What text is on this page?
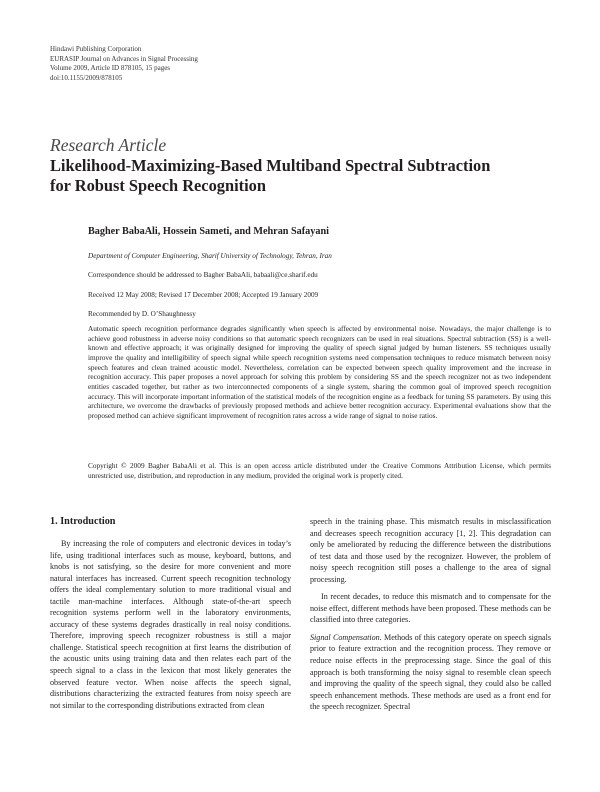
Hindawi Publishing Corporation
EURASIP Journal on Advances in Signal Processing
Volume 2009, Article ID 878105, 15 pages
doi:10.1155/2009/878105
Research Article
Likelihood-Maximizing-Based Multiband Spectral Subtraction
for Robust Speech Recognition
Bagher BabaAli, Hossein Sameti, and Mehran Safayani
Department of Computer Engineering, Sharif University of Technology, Tehran, Iran
Correspondence should be addressed to Bagher BabaAli, babaali@ce.sharif.edu
Received 12 May 2008; Revised 17 December 2008; Accepted 19 January 2009
Recommended by D. O’Shaughnessy

Automatic speech recognition performance degrades significantly when speech is affected by environmental noise. Nowadays, the major challenge is to achieve good robustness in adverse noisy conditions so that automatic speech recognizers can be used in real situations. Spectral subtraction (SS) is a well-known and effective approach; it was originally designed for improving the quality of speech signal judged by human listeners. SS techniques usually improve the quality and intelligibility of speech signal while speech recognition systems need compensation techniques to reduce mismatch between noisy speech features and clean trained acoustic model. Nevertheless, correlation can be expected between speech quality improvement and the increase in recognition accuracy. This paper proposes a novel approach for solving this problem by considering SS and the speech recognizer not as two independent entities cascaded together, but rather as two interconnected components of a single system, sharing the common goal of improved speech recognition accuracy. This will incorporate important information of the statistical models of the recognition engine as a feedback for tuning SS parameters. By using this architecture, we overcome the drawbacks of previously proposed methods and achieve better recognition accuracy. Experimental evaluations show that the proposed method can achieve significant improvement of recognition rates across a wide range of signal to noise ratios.

Copyright © 2009 Bagher BabaAli et al. This is an open access article distributed under the Creative Commons Attribution License, which permits unrestricted use, distribution, and reproduction in any medium, provided the original work is properly cited.

1. Introduction

By increasing the role of computers and electronic devices in today’s life, using traditional interfaces such as mouse, keyboard, buttons, and knobs is not satisfying, so the desire for more convenient and more natural interfaces has increased. Current speech recognition technology offers the ideal complementary solution to more traditional visual and tactile man-machine interfaces. Although state-of-the-art speech recognition systems perform well in the laboratory environments, accuracy of these systems degrades drastically in real noisy conditions. Therefore, improving speech recognizer robustness is still a major challenge. Statistical speech recognition at first learns the distribution of the acoustic units using training data and then relates each part of the speech signal to a class in the lexicon that most likely generates the observed feature vector. When noise affects the speech signal, distributions characterizing the extracted features from noisy speech are not similar to the corresponding distributions extracted from clean

speech in the training phase. This mismatch results in misclassification and decreases speech recognition accuracy [1, 2]. This degradation can only be ameliorated by reducing the difference between the distributions of test data and those used by the recognizer. However, the problem of noisy speech recognition still poses a challenge to the area of signal processing.

In recent decades, to reduce this mismatch and to compensate for the noise effect, different methods have been proposed. These methods can be classified into three categories.

Signal Compensation. Methods of this category operate on speech signals prior to feature extraction and the recognition process. They remove or reduce noise effects in the preprocessing stage. Since the goal of this approach is both transforming the noisy signal to resemble clean speech and improving the quality of the speech signal, they could also be called speech enhancement methods. These methods are used as a front end for the speech recognizer. Spectral
